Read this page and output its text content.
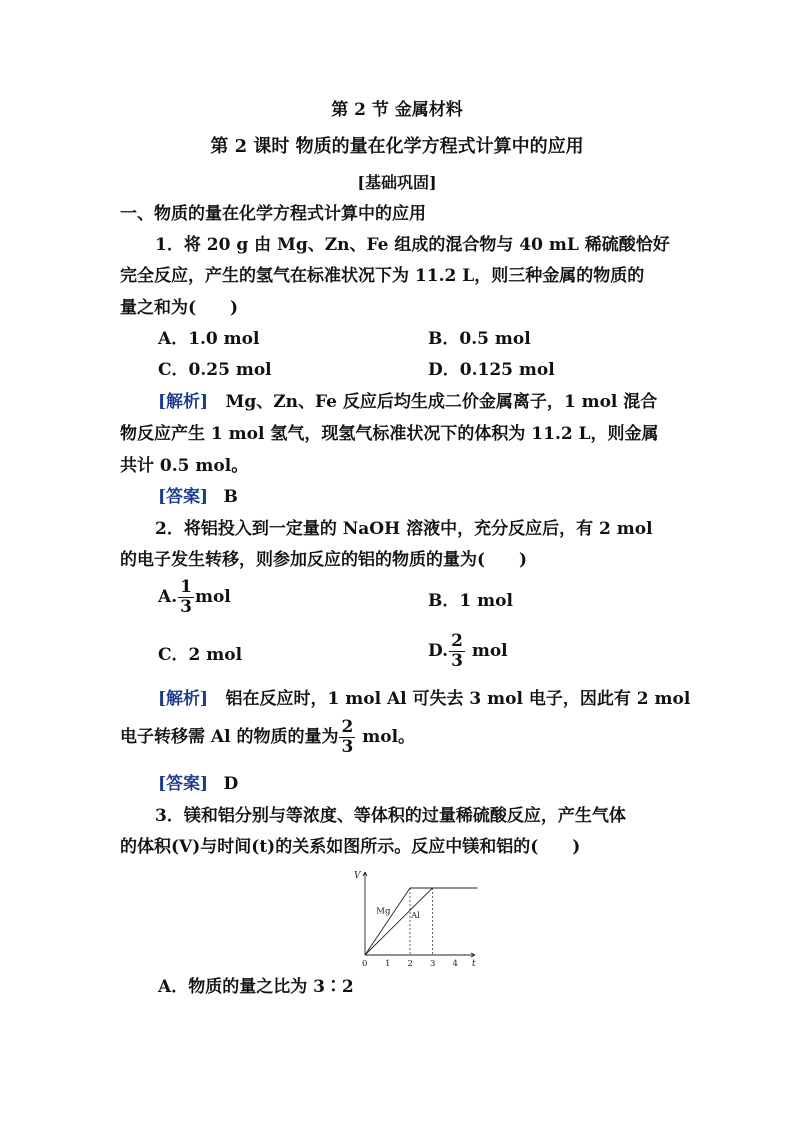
第 2 节 金属材料
第 2 课时 物质的量在化学方程式计算中的应用
[基础巩固]
一、物质的量在化学方程式计算中的应用
1．将 20 g 由 Mg、Zn、Fe 组成的混合物与 40 mL 稀硫酸恰好
完全反应，产生的氢气在标准状况下为 11.2 L，则三种金属的物质的
量之和为(　　)
A．1.0 mol	B．0.5 mol
C．0.25 mol	D．0.125 mol
[解析] Mg、Zn、Fe 反应后均生成二价金属离子，1 mol 混合
物反应产生 1 mol 氢气，现氢气标准状况下的体积为 11.2 L，则金属
共计 0.5 mol。
[答案] B
2．将铝投入到一定量的 NaOH 溶液中，充分反应后，有 2 mol
的电子发生转移，则参加反应的铝的物质的量为(　　)
A. $\frac{1}{3}$ mol	B．1 mol
C．2 mol	D. $\frac{2}{3}$ mol
[解析] 铝在反应时，1 mol Al 可失去 3 mol 电子，因此有 2 mol
电子转移需 Al 的物质的量为 $\frac{2}{3}$ mol。
[答案] D
3．镁和铝分别与等浓度、等体积的过量稀硫酸反应，产生气体
的体积(V)与时间(t)的关系如图所示。反应中镁和铝的(　　)
V
t
0 1 2 3 4
Mg Al
A．物质的量之比为 3∶2
